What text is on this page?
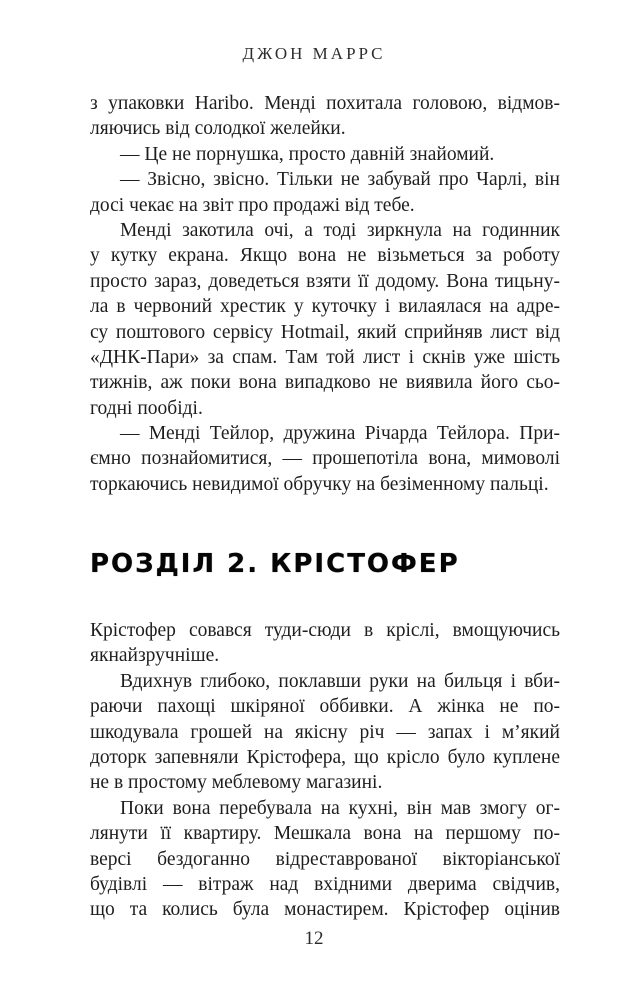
ДЖОН МАРРС
з упаковки Haribo. Менді похитала головою, відмов-
ляючись від солодкої желейки.
— Це не порнушка, просто давній знайомий.
— Звісно, звісно. Тільки не забувай про Чарлі, він
досі чекає на звіт про продажі від тебе.
Менді закотила очі, а тоді зиркнула на годинник
у кутку екрана. Якщо вона не візьметься за роботу
просто зараз, доведеться взяти її додому. Вона тицьну-
ла в червоний хрестик у куточку і вилаялася на адре-
су поштового сервісу Hotmail, який сприйняв лист від
«ДНК-Пари» за спам. Там той лист і скнів уже шість
тижнів, аж поки вона випадково не виявила його сьо-
годні пообіді.
— Менді Тейлор, дружина Річарда Тейлора. При-
ємно познайомитися, — прошепотіла вона, мимоволі
торкаючись невидимої обручку на безіменному пальці.
РОЗДІЛ 2. КРІСТОФЕР
Крістофер совався туди-сюди в кріслі, вмощуючись
якнайзручніше.
Вдихнув глибоко, поклавши руки на бильця і вби-
раючи пахощі шкіряної оббивки. А жінка не по-
шкодувала грошей на якісну річ — запах і м’який
доторк запевняли Крістофера, що крісло було куплене
не в простому меблевому магазині.
Поки вона перебувала на кухні, він мав змогу ог-
лянути її квартиру. Мешкала вона на першому по-
версі бездоганно відреставрованої вікторіанської
будівлі — вітраж над вхідними дверима свідчив,
що та колись була монастирем. Крістофер оцінив
12
